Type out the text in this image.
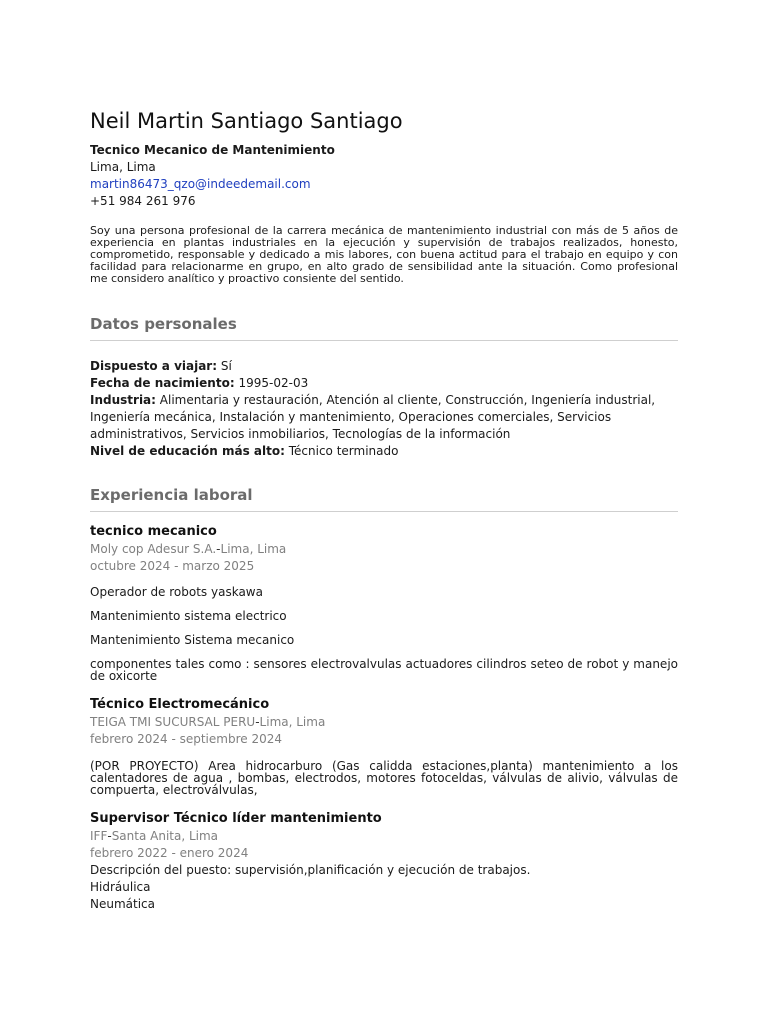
Neil Martin Santiago Santiago

Tecnico Mecanico de Mantenimiento

Lima, Lima

martin86473_qzo@indeedemail.com

+51 984 261 976

Soy una persona profesional de la carrera mecánica de mantenimiento industrial con más de 5 años de experiencia en plantas industriales en la ejecución y supervisión de trabajos realizados, honesto, comprometido, responsable y dedicado a mis labores, con buena actitud para el trabajo en equipo y con facilidad para relacionarme en grupo, en alto grado de sensibilidad ante la situación. Como profesional me considero analítico y proactivo consiente del sentido.

Datos personales
Dispuesto a viajar: Sí
Fecha de nacimiento: 1995-02-03
Industria: Alimentaria y restauración, Atención al cliente, Construcción, Ingeniería industrial, Ingeniería mecánica, Instalación y mantenimiento, Operaciones comerciales, Servicios administrativos, Servicios inmobiliarios, Tecnologías de la información
Nivel de educación más alto: Técnico terminado
Experiencia laboral

tecnico mecanico

Moly cop Adesur S.A.-Lima, Lima

octubre 2024 - marzo 2025

Operador de robots yaskawa

Mantenimiento sistema electrico

Mantenimiento Sistema mecanico

componentes tales como : sensores electrovalvulas actuadores cilindros seteo de robot y manejo de oxicorte

Técnico Electromecánico

TEIGA TMI SUCURSAL PERU-Lima, Lima

febrero 2024 - septiembre 2024

(POR PROYECTO) Area hidrocarburo (Gas calidda estaciones,planta) mantenimiento a los calentadores de agua , bombas, electrodos, motores fotoceldas, válvulas de alivio, válvulas de compuerta, electroválvulas,

Supervisor Técnico líder mantenimiento

IFF-Santa Anita, Lima

febrero 2022 - enero 2024

Descripción del puesto: supervisión,planificación y ejecución de trabajos.

Hidráulica

Neumática
